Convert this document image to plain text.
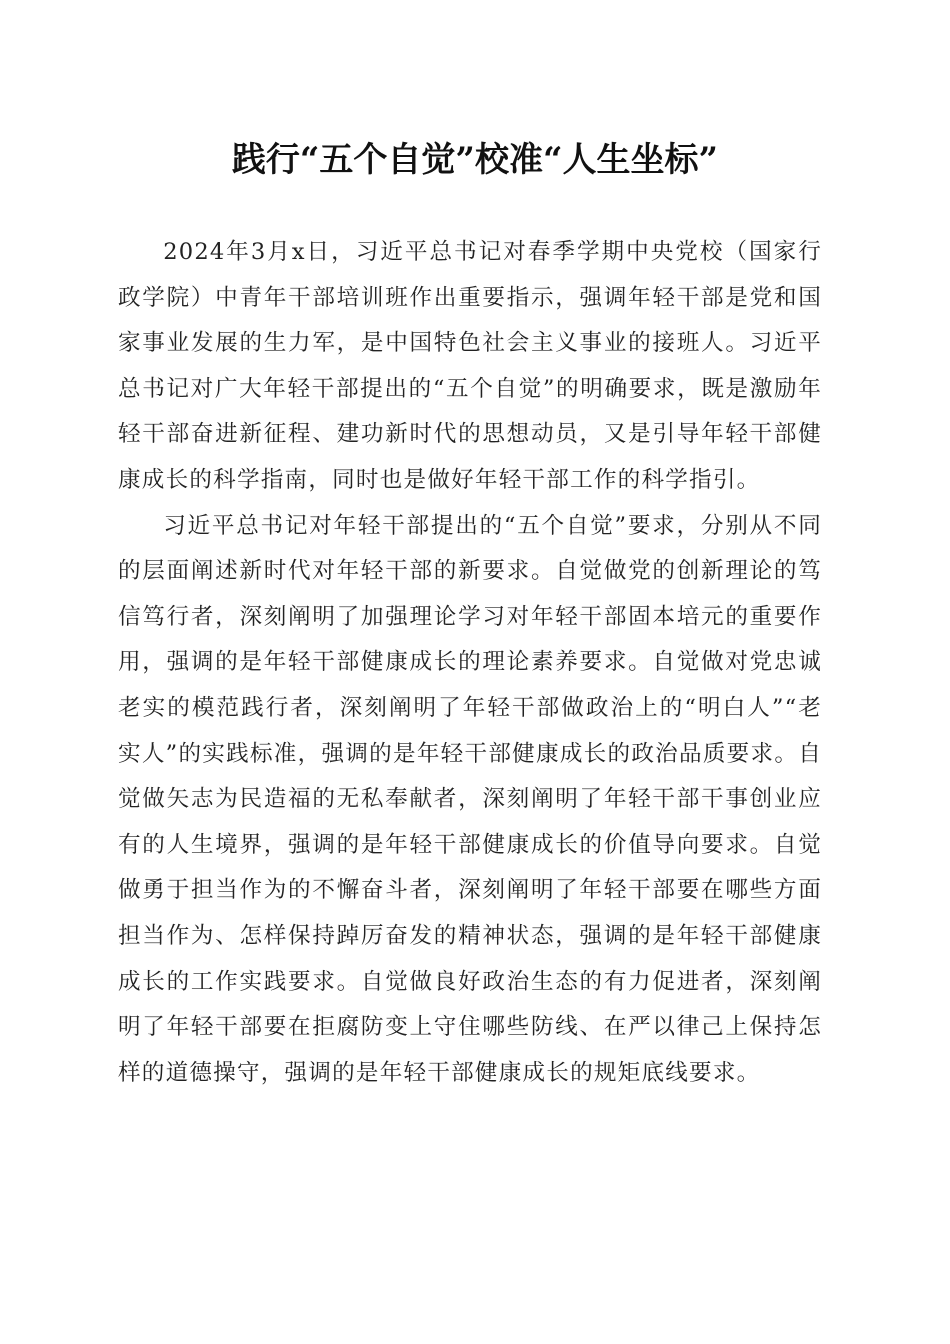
践行“五个自觉”校准“人生坐标”

2024年3月x日，习近平总书记对春季学期中央党校（国家行政学院）中青年干部培训班作出重要指示，强调年轻干部是党和国家事业发展的生力军，是中国特色社会主义事业的接班人。习近平总书记对广大年轻干部提出的“五个自觉”的明确要求，既是激励年轻干部奋进新征程、建功新时代的思想动员，又是引导年轻干部健康成长的科学指南，同时也是做好年轻干部工作的科学指引。

习近平总书记对年轻干部提出的“五个自觉”要求，分别从不同的层面阐述新时代对年轻干部的新要求。自觉做党的创新理论的笃信笃行者，深刻阐明了加强理论学习对年轻干部固本培元的重要作用，强调的是年轻干部健康成长的理论素养要求。自觉做对党忠诚老实的模范践行者，深刻阐明了年轻干部做政治上的“明白人”“老实人”的实践标准，强调的是年轻干部健康成长的政治品质要求。自觉做矢志为民造福的无私奉献者，深刻阐明了年轻干部干事创业应有的人生境界，强调的是年轻干部健康成长的价值导向要求。自觉做勇于担当作为的不懈奋斗者，深刻阐明了年轻干部要在哪些方面担当作为、怎样保持踔厉奋发的精神状态，强调的是年轻干部健康成长的工作实践要求。自觉做良好政治生态的有力促进者，深刻阐明了年轻干部要在拒腐防变上守住哪些防线、在严以律己上保持怎样的道德操守，强调的是年轻干部健康成长的规矩底线要求。
